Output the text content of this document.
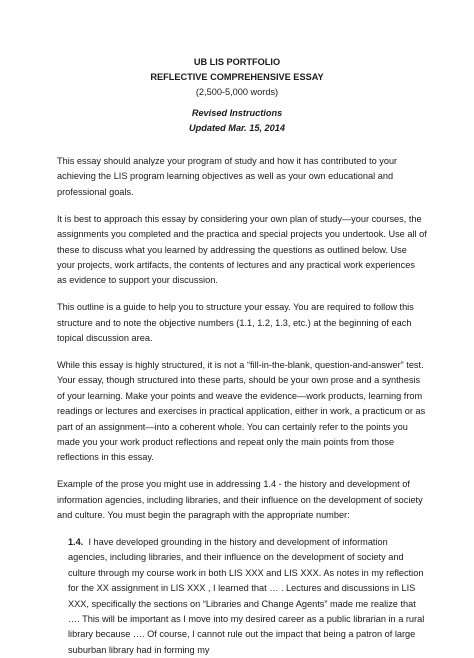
UB LIS PORTFOLIO
REFLECTIVE COMPREHENSIVE ESSAY
(2,500-5,000 words)
Revised Instructions
Updated Mar. 15, 2014

This essay should analyze your program of study and how it has contributed to your achieving the LIS program learning objectives as well as your own educational and professional goals.

It is best to approach this essay by considering your own plan of study—your courses, the assignments you completed and the practica and special projects you undertook. Use all of these to discuss what you learned by addressing the questions as outlined below. Use your projects, work artifacts, the contents of lectures and any practical work experiences as evidence to support your discussion.

This outline is a guide to help you to structure your essay. You are required to follow this structure and to note the objective numbers (1.1, 1.2, 1.3, etc.) at the beginning of each topical discussion area.

While this essay is highly structured, it is not a “fill-in-the-blank, question-and-answer” test. Your essay, though structured into these parts, should be your own prose and a synthesis of your learning. Make your points and weave the evidence—work products, learning from readings or lectures and exercises in practical application, either in work, a practicum or as part of an assignment—into a coherent whole. You can certainly refer to the points you made you your work product reflections and repeat only the main points from those reflections in this essay.

Example of the prose you might use in addressing 1.4 - the history and development of information agencies, including libraries, and their influence on the development of society and culture. You must begin the paragraph with the appropriate number:

1.4. I have developed grounding in the history and development of information agencies, including libraries, and their influence on the development of society and culture through my course work in both LIS XXX and LIS XXX. As notes in my reflection for the XX assignment in LIS XXX , I learned that … . Lectures and discussions in LIS XXX, specifically the sections on “Libraries and Change Agents” made me realize that …. This will be important as I move into my desired career as a public librarian in a rural library because …. Of course, I cannot rule out the impact that being a patron of large suburban library had in forming my
